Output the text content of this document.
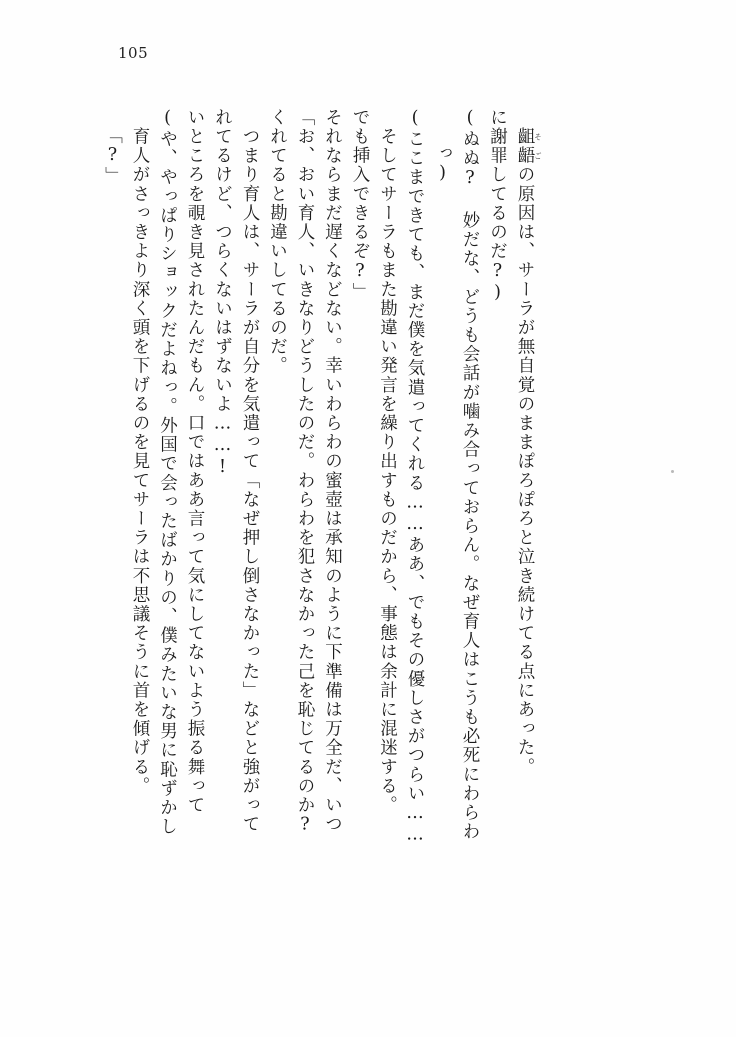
105
「?」 　育人がさっきより深く頭を下げるのを見てサーラは不思議そうに首を傾げる。 (や、やっぱりショックだよねっ。外国で会ったばかりの、僕みたいな男に恥ずかし いところを覗き見されたんだもん。口ではああ言って気にしてないよう振る舞って れてるけど、つらくないはずないよ……! 　つまり育人は、サーラが自分を気遣って「なぜ押し倒さなかった」などと強がって くれてると勘違いしてるのだ。 「お、おい育人、いきなりどうしたのだ。わらわを犯さなかった己を恥じてるのか? それならまだ遅くなどない。幸いわらわの蜜壺は承知のように下準備は万全だ、いつ でも挿入できるぞ?」 　そしてサーラもまた勘違い発言を繰り出すものだから、事態は余計に混迷する。 (ここまできても、まだ僕を気遣ってくれる……ああ、でもその優しさがつらい…… っ) (ぬぬ? 妙だな、どうも会話が噛み合っておらん。なぜ育人はこうも必死にわらわ に謝罪してるのだ?)
　 齟齬そごの原因は、サーラが無自覚のままぽろぽろと泣き続けてる点にあった。
